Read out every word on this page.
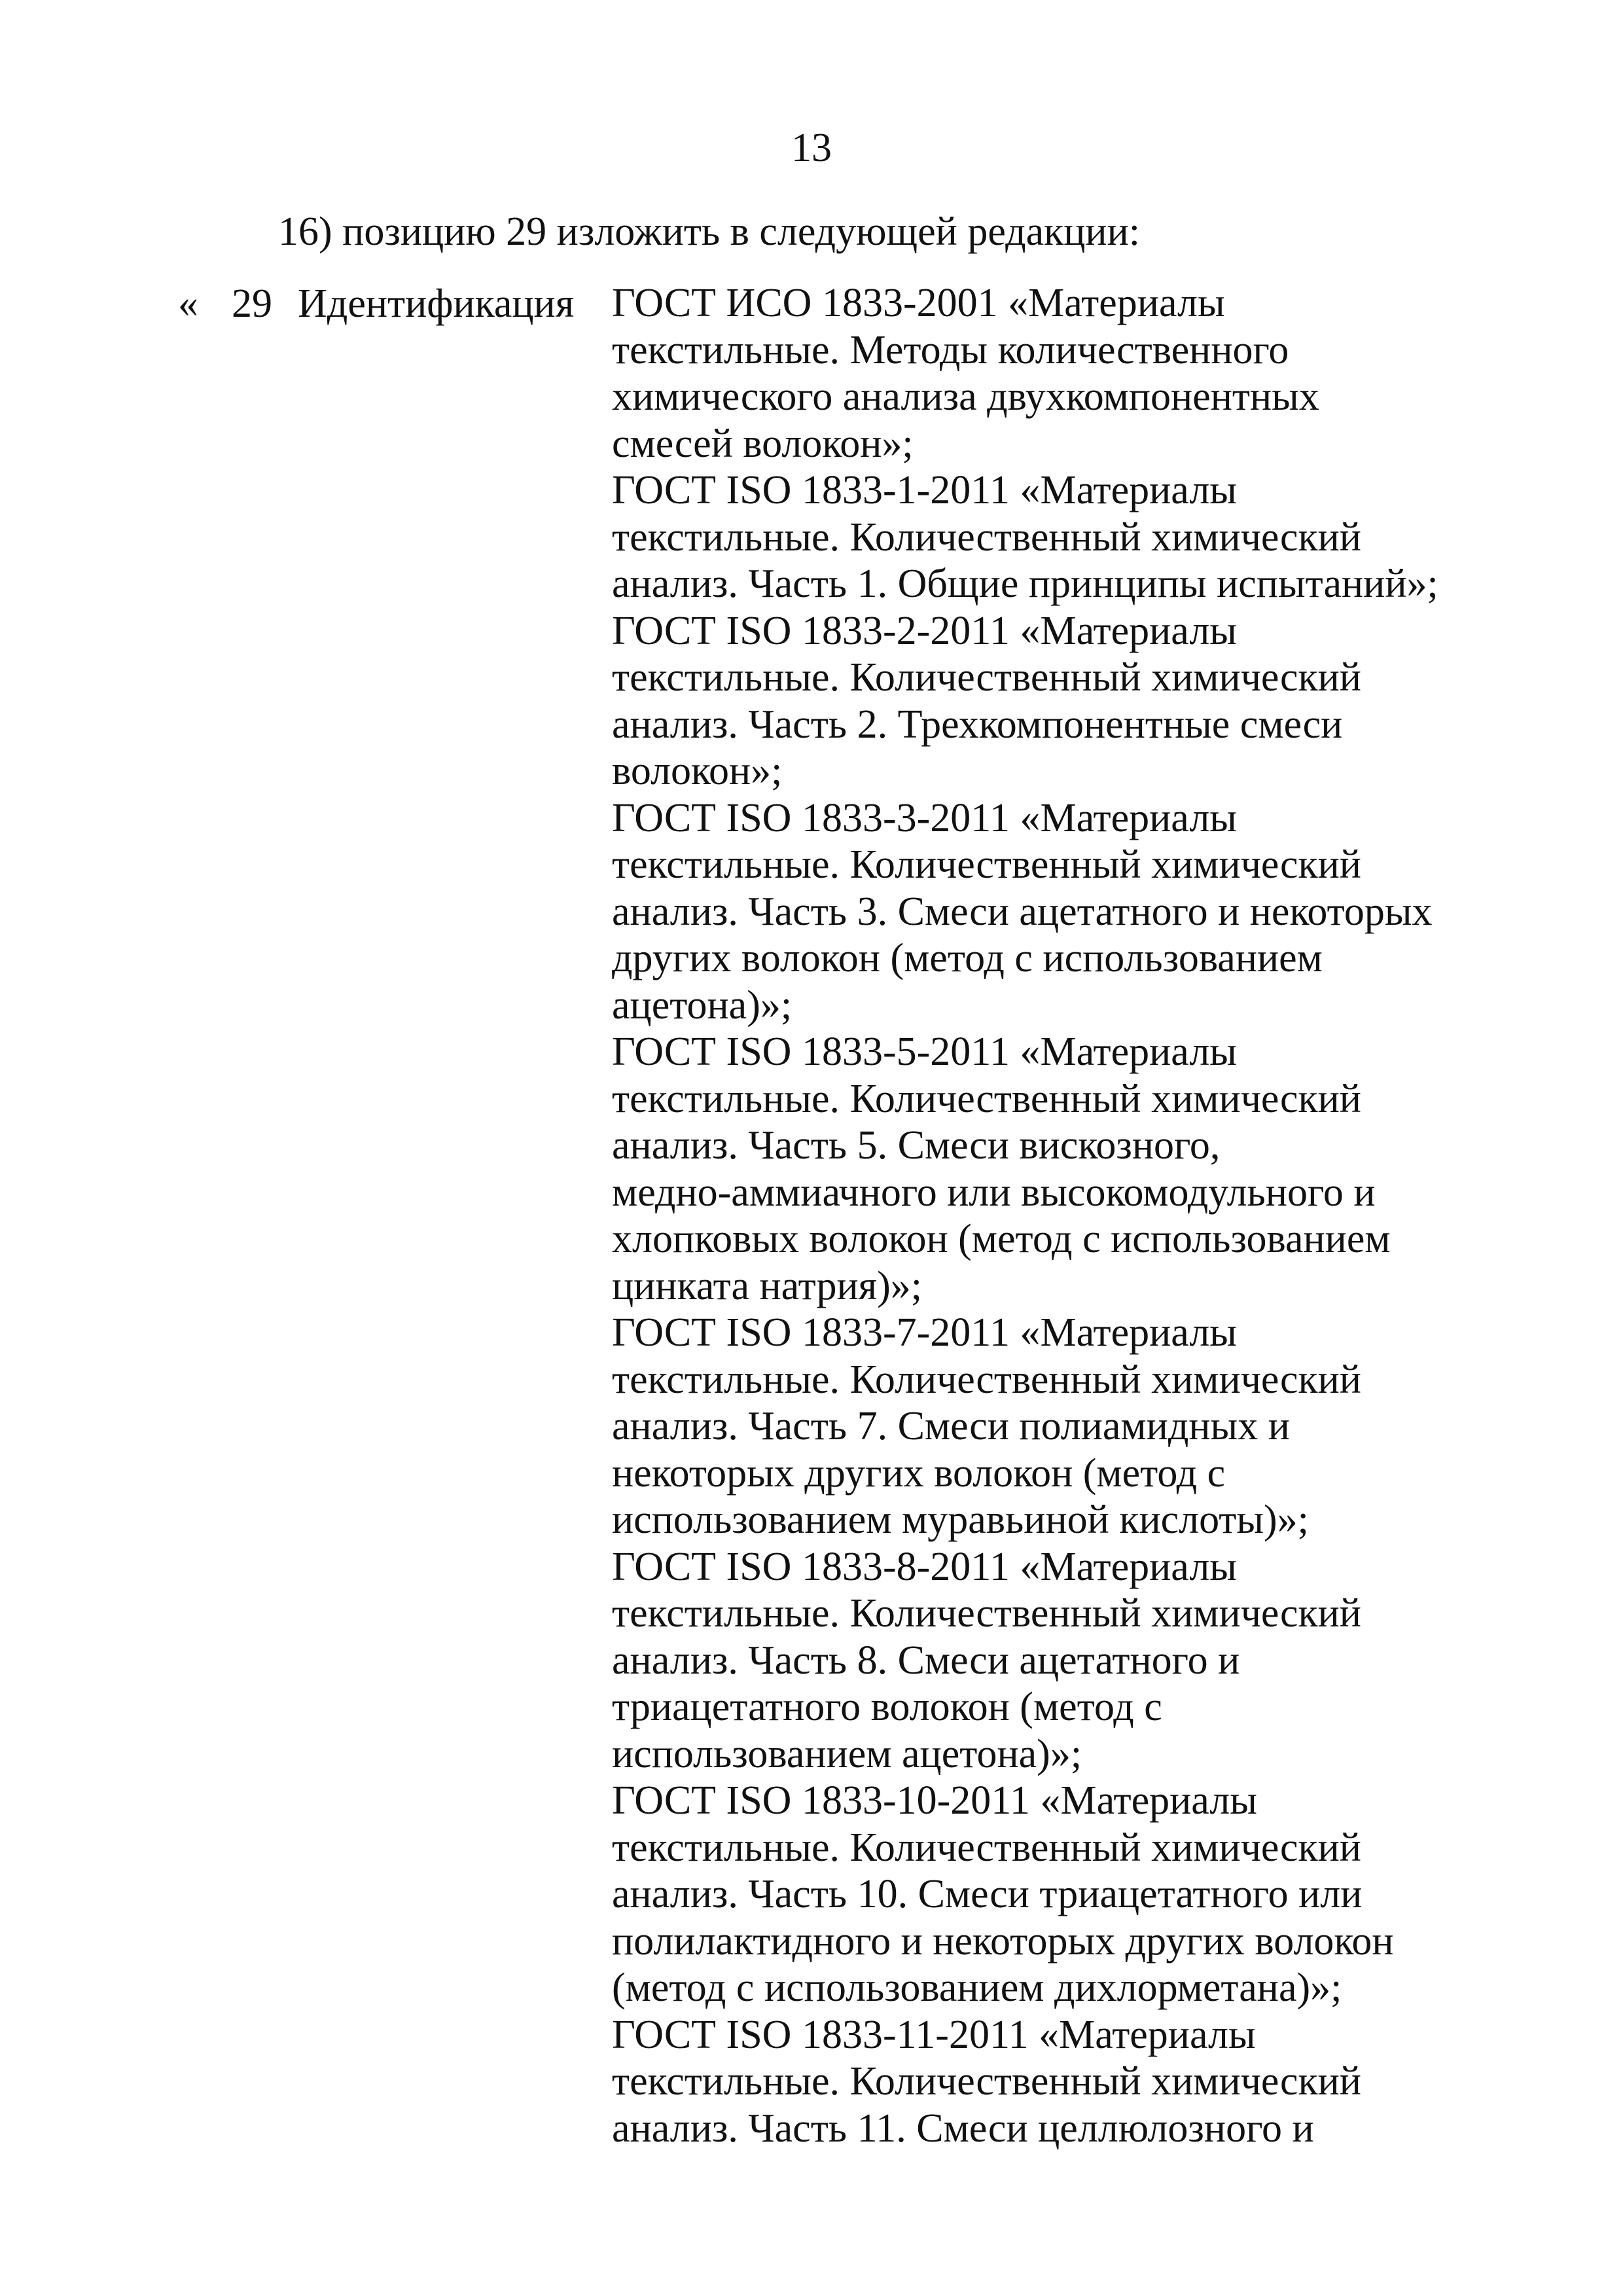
13
16) позицию 29 изложить в следующей редакции:
« 29 Идентификация ГОСТ ИСО 1833-2001 «Материалы
текстильные. Методы количественного
химического анализа двухкомпонентных
смесей волокон»;
ГОСТ ISO 1833-1-2011 «Материалы
текстильные. Количественный химический
анализ. Часть 1. Общие принципы испытаний»;
ГОСТ ISO 1833-2-2011 «Материалы
текстильные. Количественный химический
анализ. Часть 2. Трехкомпонентные смеси
волокон»;
ГОСТ ISO 1833-3-2011 «Материалы
текстильные. Количественный химический
анализ. Часть 3. Смеси ацетатного и некоторых
других волокон (метод с использованием
ацетона)»;
ГОСТ ISO 1833-5-2011 «Материалы
текстильные. Количественный химический
анализ. Часть 5. Смеси вискозного,
медно-аммиачного или высокомодульного и
хлопковых волокон (метод с использованием
цинката натрия)»;
ГОСТ ISO 1833-7-2011 «Материалы
текстильные. Количественный химический
анализ. Часть 7. Смеси полиамидных и
некоторых других волокон (метод с
использованием муравьиной кислоты)»;
ГОСТ ISO 1833-8-2011 «Материалы
текстильные. Количественный химический
анализ. Часть 8. Смеси ацетатного и
триацетатного волокон (метод с
использованием ацетона)»;
ГОСТ ISO 1833-10-2011 «Материалы
текстильные. Количественный химический
анализ. Часть 10. Смеси триацетатного или
полилактидного и некоторых других волокон
(метод с использованием дихлорметана)»;
ГОСТ ISO 1833-11-2011 «Материалы
текстильные. Количественный химический
анализ. Часть 11. Смеси целлюлозного и
